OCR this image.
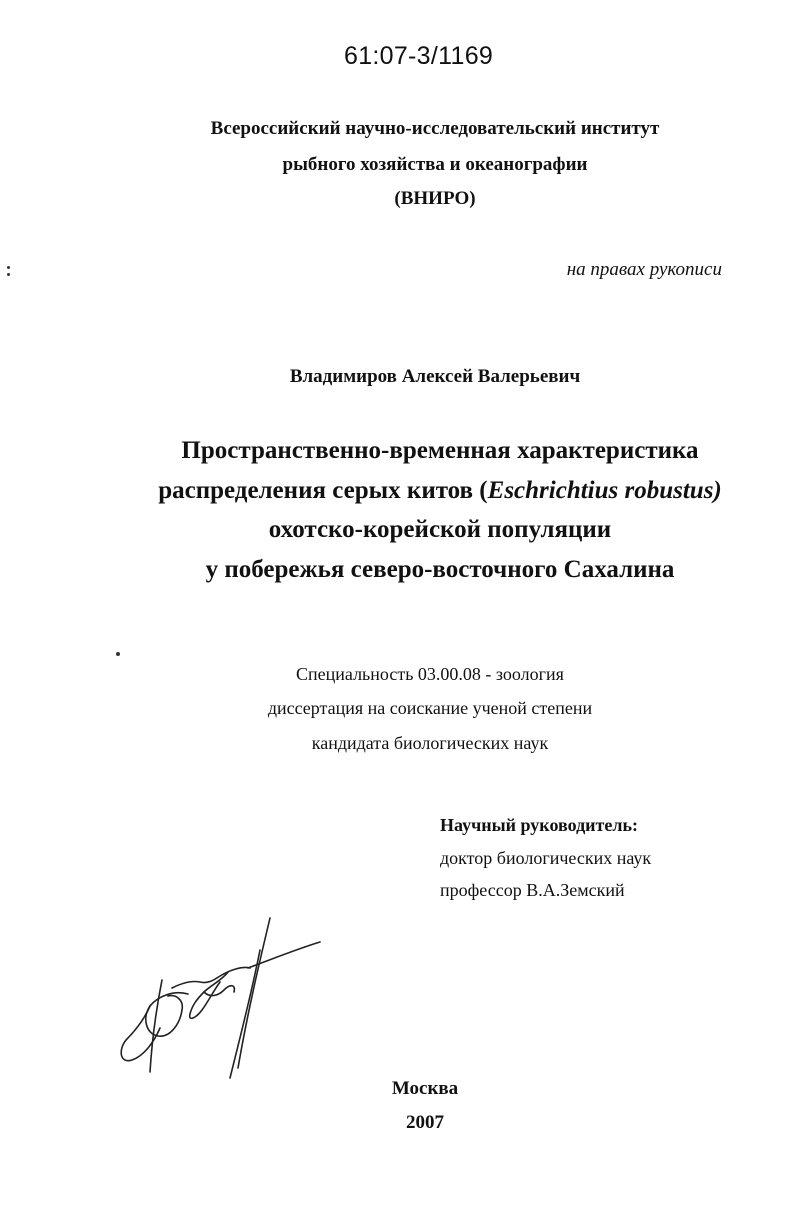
61:07-3/1169
Всероссийский научно-исследовательский институт
рыбного хозяйства и океанографии
(ВНИРО)
на правах рукописи
Владимиров Алексей Валерьевич
Пространственно-временная характеристика
распределения серых китов (Eschrichtius robustus)
охотско-корейской популяции
у побережья северо-восточного Сахалина
Специальность 03.00.08 - зоология
диссертация на соискание ученой степени
кандидата биологических наук
Научный руководитель:
доктор биологических наук
профессор В.А.Земский
Москва
2007
